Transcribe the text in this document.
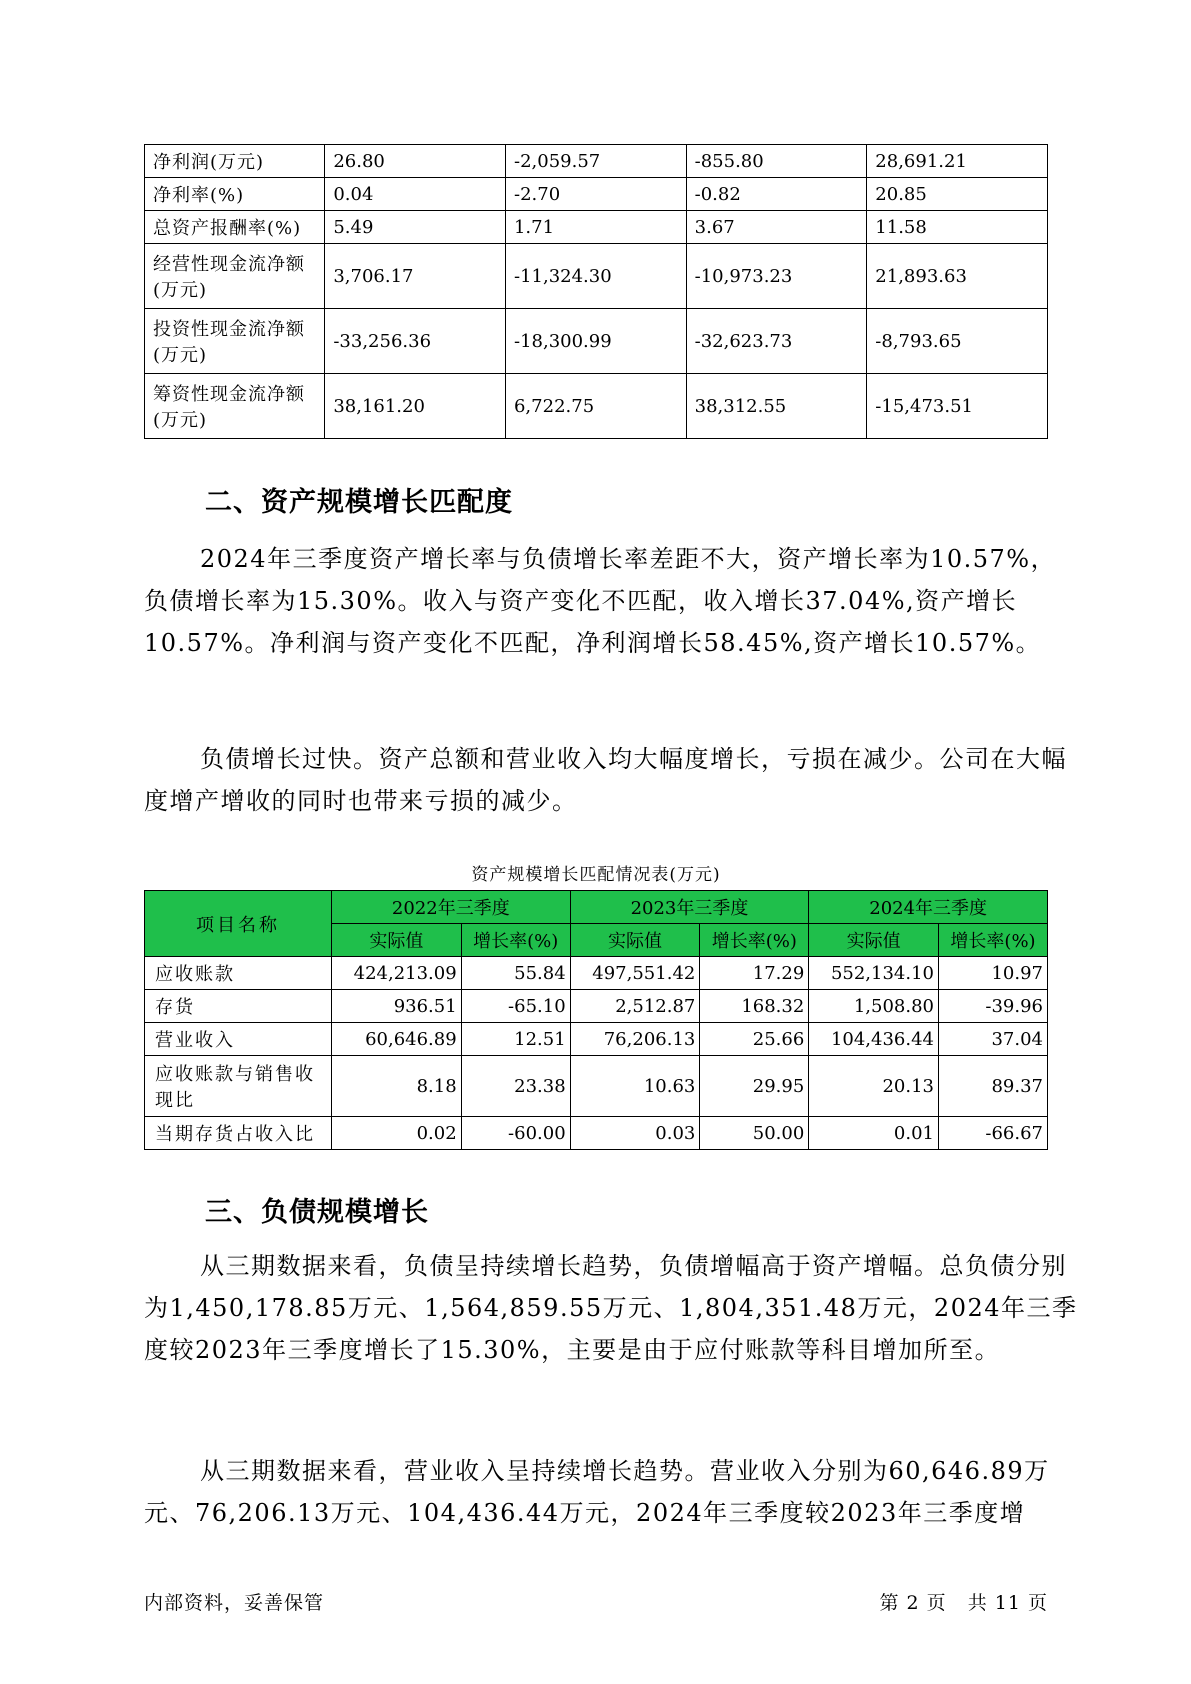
净利润(万元)	26.80	-2,059.57	-855.80	28,691.21
净利率(%)	0.04	-2.70	-0.82	20.85
总资产报酬率(%)	5.49	1.71	3.67	11.58
经营性现金流净额(万元)	3,706.17	-11,324.30	-10,973.23	21,893.63
投资性现金流净额(万元)	-33,256.36	-18,300.99	-32,623.73	-8,793.65
筹资性现金流净额(万元)	38,161.20	6,722.75	38,312.55	-15,473.51
二、资产规模增长匹配度

2024年三季度资产增长率与负债增长率差距不大，资产增长率为10.57%，负债增长率为15.30%。收入与资产变化不匹配，收入增长37.04%,资产增长10.57%。净利润与资产变化不匹配，净利润增长58.45%,资产增长10.57%。

负债增长过快。资产总额和营业收入均大幅度增长，亏损在减少。公司在大幅度增产增收的同时也带来亏损的减少。

资产规模增长匹配情况表(万元)
项目名称	2022年三季度		2023年三季度		2024年三季度	
	实际值	增长率(%)	实际值	增长率(%)	实际值	增长率(%)
应收账款	424,213.09	55.84	497,551.42	17.29	552,134.10	10.97
存货	936.51	-65.10	2,512.87	168.32	1,508.80	-39.96
营业收入	60,646.89	12.51	76,206.13	25.66	104,436.44	37.04
应收账款与销售收现比	8.18	23.38	10.63	29.95	20.13	89.37
当期存货占收入比	0.02	-60.00	0.03	50.00	0.01	-66.67
三、负债规模增长

从三期数据来看，负债呈持续增长趋势，负债增幅高于资产增幅。总负债分别为1,450,178.85万元、1,564,859.55万元、1,804,351.48万元，2024年三季度较2023年三季度增长了15.30%，主要是由于应付账款等科目增加所至。

从三期数据来看，营业收入呈持续增长趋势。营业收入分别为60,646.89万元、76,206.13万元、104,436.44万元，2024年三季度较2023年三季度增

内部资料，妥善保管	第 2 页   共 11 页
